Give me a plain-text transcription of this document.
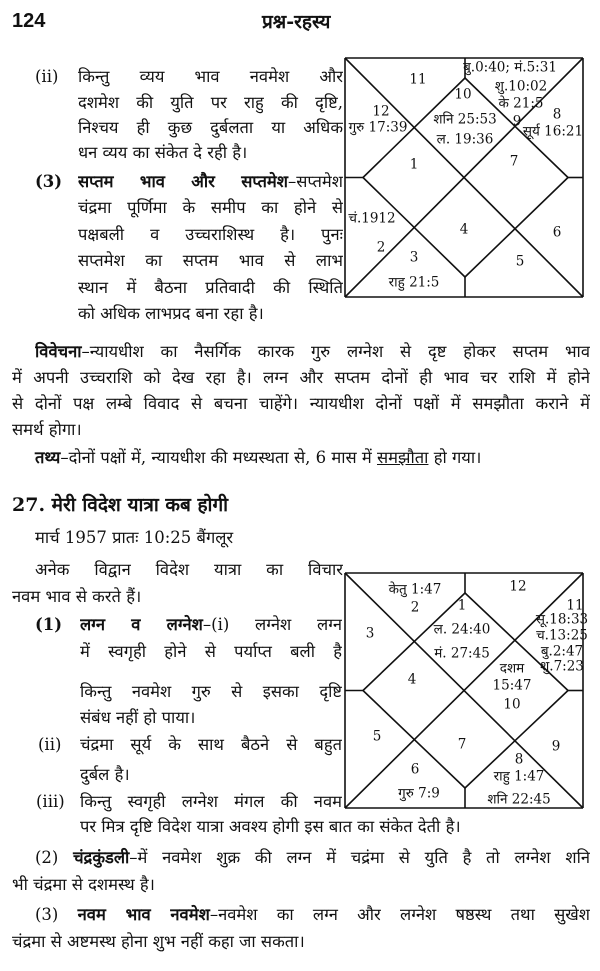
124	प्रश्न-रहस्य
किन्तु व्यय भाव नवमेश और
(ii)
दशमेश की युति पर राहु की दृष्टि,
निश्चय ही कुछ दुर्बलता या अधिक
धन व्यय का संकेत दे रही है।
सप्तम भाव और सप्तमेश–सप्तमेश
(3)
चंद्रमा पूर्णिमा के समीप का होने से
पक्षबली व उच्चराशिस्थ है। पुनः
सप्तमेश का सप्तम भाव से लाभ
स्थान में बैठना प्रतिवादी की स्थिति
को अधिक लाभप्रद बना रहा है।
विवेचना–न्यायधीश का नैसर्गिक कारक गुरु लग्नेश से दृष्ट होकर सप्तम भाव
में अपनी उच्चराशि को देख रहा है। लग्न और सप्तम दोनों ही भाव चर राशि में होने
से दोनों पक्ष लम्बे विवाद से बचना चाहेंगे। न्यायधीश दोनों पक्षों में समझौता कराने में
समर्थ होगा।
तथ्य–दोनों पक्षों में, न्यायधीश की मध्यस्थता से, 6 मास में समझौता हो गया।
27. मेरी विदेश यात्रा कब होगी
मार्च 1957 प्रातः 10:25 बैंगलूर
अनेक विद्वान विदेश यात्रा का विचार
नवम भाव से करते हैं।
लग्न व लग्नेश–(i) लग्नेश लग्न
(1)
में स्वगृही होने से पर्याप्त बली है
किन्तु नवमेश गुरु से इसका दृष्टि
संबंध नहीं हो पाया।
चंद्रमा सूर्य के साथ बैठने से बहुत
(ii)
दुर्बल है।
किन्तु स्वगृही लग्नेश मंगल की नवम
(iii)
पर मित्र दृष्टि विदेश यात्रा अवश्य होगी इस बात का संकेत देती है।
(2) चंद्रकुंडली–में नवमेश शुक्र की लग्न में चद्रंमा से युति है तो लग्नेश शनि
भी चंद्रमा से दशमस्थ है।
(3) नवम भाव नवमेश–नवमेश का लग्न और लग्नेश षष्ठस्थ तथा सुखेश
चंद्रमा से अष्टमस्थ होना शुभ नहीं कहा जा सकता।
11
10
बु.0:40; मं.5:31
शु.10:02
के 21:5
9 8
सूर्य 16:21
12
गुरु 17:39 शनि 25:53
ल. 19:36
1	7
चं.1912
4	6
2
3	5
राहु 21:5
केतु 1:47
2	1
12
3	ल. 24:40
मं. 27:45
11
सू.18:33
च.13:25
बु.2:47
शु.7:23
दशम
15:47
10
4
5	7	9
8
6	राहु 1:47
गुरु 7:9	शनि 22:45
